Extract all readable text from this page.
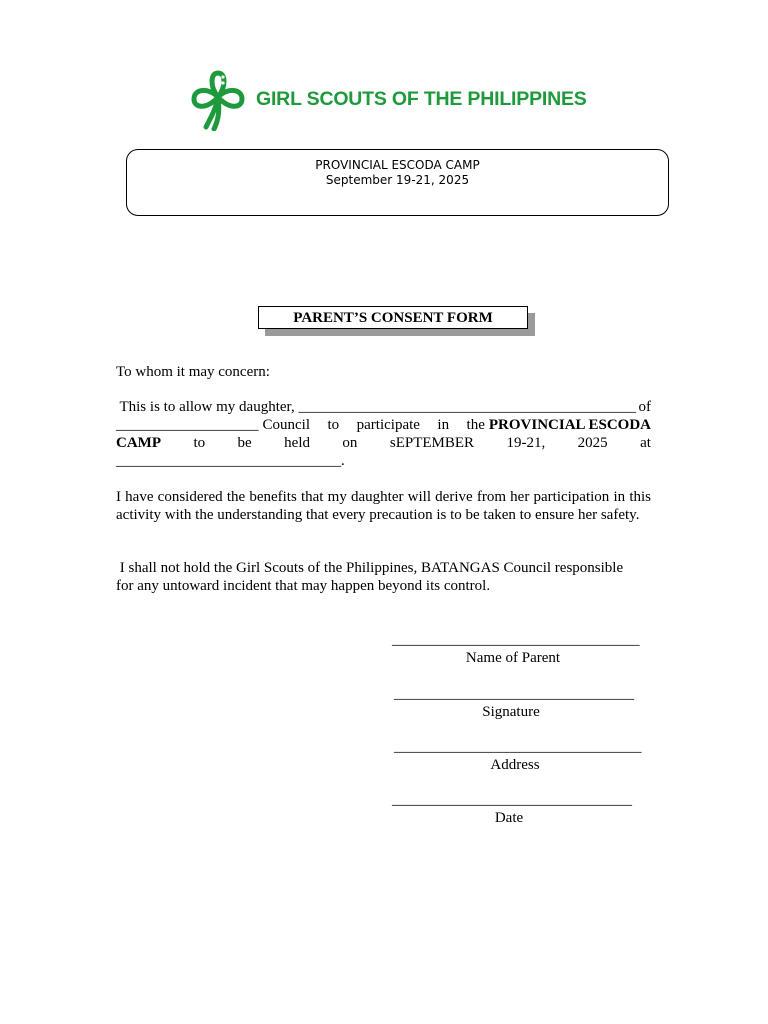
GIRL SCOUTS OF THE PHILIPPINES
PROVINCIAL ESCODA CAMP
September 19-21, 2025
PARENT’S CONSENT FORM
To whom it may concern:
This is to allow my daughter, _____________________________________________ of
___________________ Council to participate in the PROVINCIAL ESCODA
CAMP to be held on sEPTEMBER 19-21, 2025 at
______________________________.
I have considered the benefits that my daughter will derive from her participation in this activity with the understanding that every precaution is to be taken to ensure her safety.
I shall not hold the Girl Scouts of the Philippines, BATANGAS Council responsible
for any untoward incident that may happen beyond its control.
_________________________________
Name of Parent
________________________________
Signature
_________________________________
Address
________________________________
Date
